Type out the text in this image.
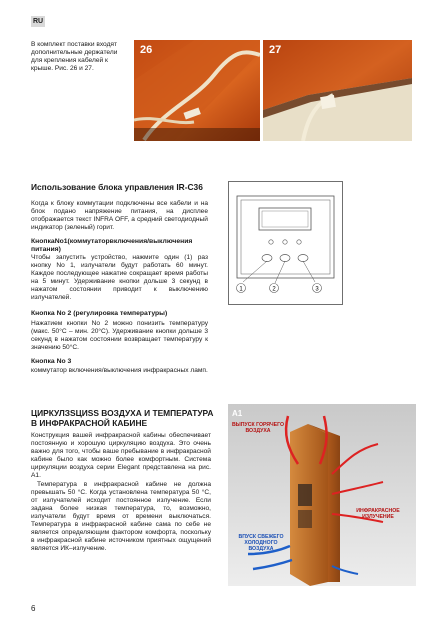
RU
В комплект поставки входят дополнительные держатели для крепления кабелей к крыше. Рис. 26 и 27.
26	27
Использование блока управления IR-C36
Когда к блоку коммутации подключены все кабели и на блок подано напряжение питания, на дисплее отображается текст INFRA OFF, а средний светодиодный индикатор (зеленый) горит.
КнопкаNo1(коммутаторвключения/выключения питания)
Чтобы запустить устройство, нажмите один (1) раз кнопку No 1, излучатели будут работать 60 минут. Каждое последующее нажатие сокращает время работы на 5 минут. Удерживание кнопки дольше 3 секунд в нажатом состоянии приводит к выключению излучателей.
Кнопка No 2 (регулировка температуры)
Нажатием кнопки No 2 можно понизить температуру (макс. 50°C – мин. 20°C). Удерживание кнопки дольше 3 секунд в нажатом состоянии возвращает температуру к значению 50°C.
Кнопка No 3
коммутатор включения/выключения инфракрасных ламп.
1	2	3
ЦИРКУЛЗSЦИSS ВОЗДУХА И ТЕМПЕРАТУРА В ИНФРАКРАСНОЙ КАБИНЕ
Конструкция вашей инфракрасной кабины обеспечивает постоянную и хорошую циркуляцию воздуха. Это очень важно для того, чтобы ваше пребывание в инфракрасной кабине было как можно более комфортным. Система циркуляции воздуха серии Elegant представлена на рис. A1.
Температура в инфракрасной кабине не должна превышать 50 °C. Когда установлена температура 50 °C, от излучателей исходит постоянное излучение. Если задана более низкая температура, то, возможно, излучатели будут время от времени выключаться. Температура в инфракрасной кабине сама по себе не является определяющим фактором комфорта, поскольку в инфракрасной кабине источником приятных ощущений является ИК–излучение.
A1
ВЫПУСК ГОРЯЧЕГО ВОЗДУХА
ИНФРАКРАСНОЕ ИЗЛУЧЕНИЕ
ВПУСК СВЕЖЕГО ХОЛОДНОГО ВОЗДУХА
6
